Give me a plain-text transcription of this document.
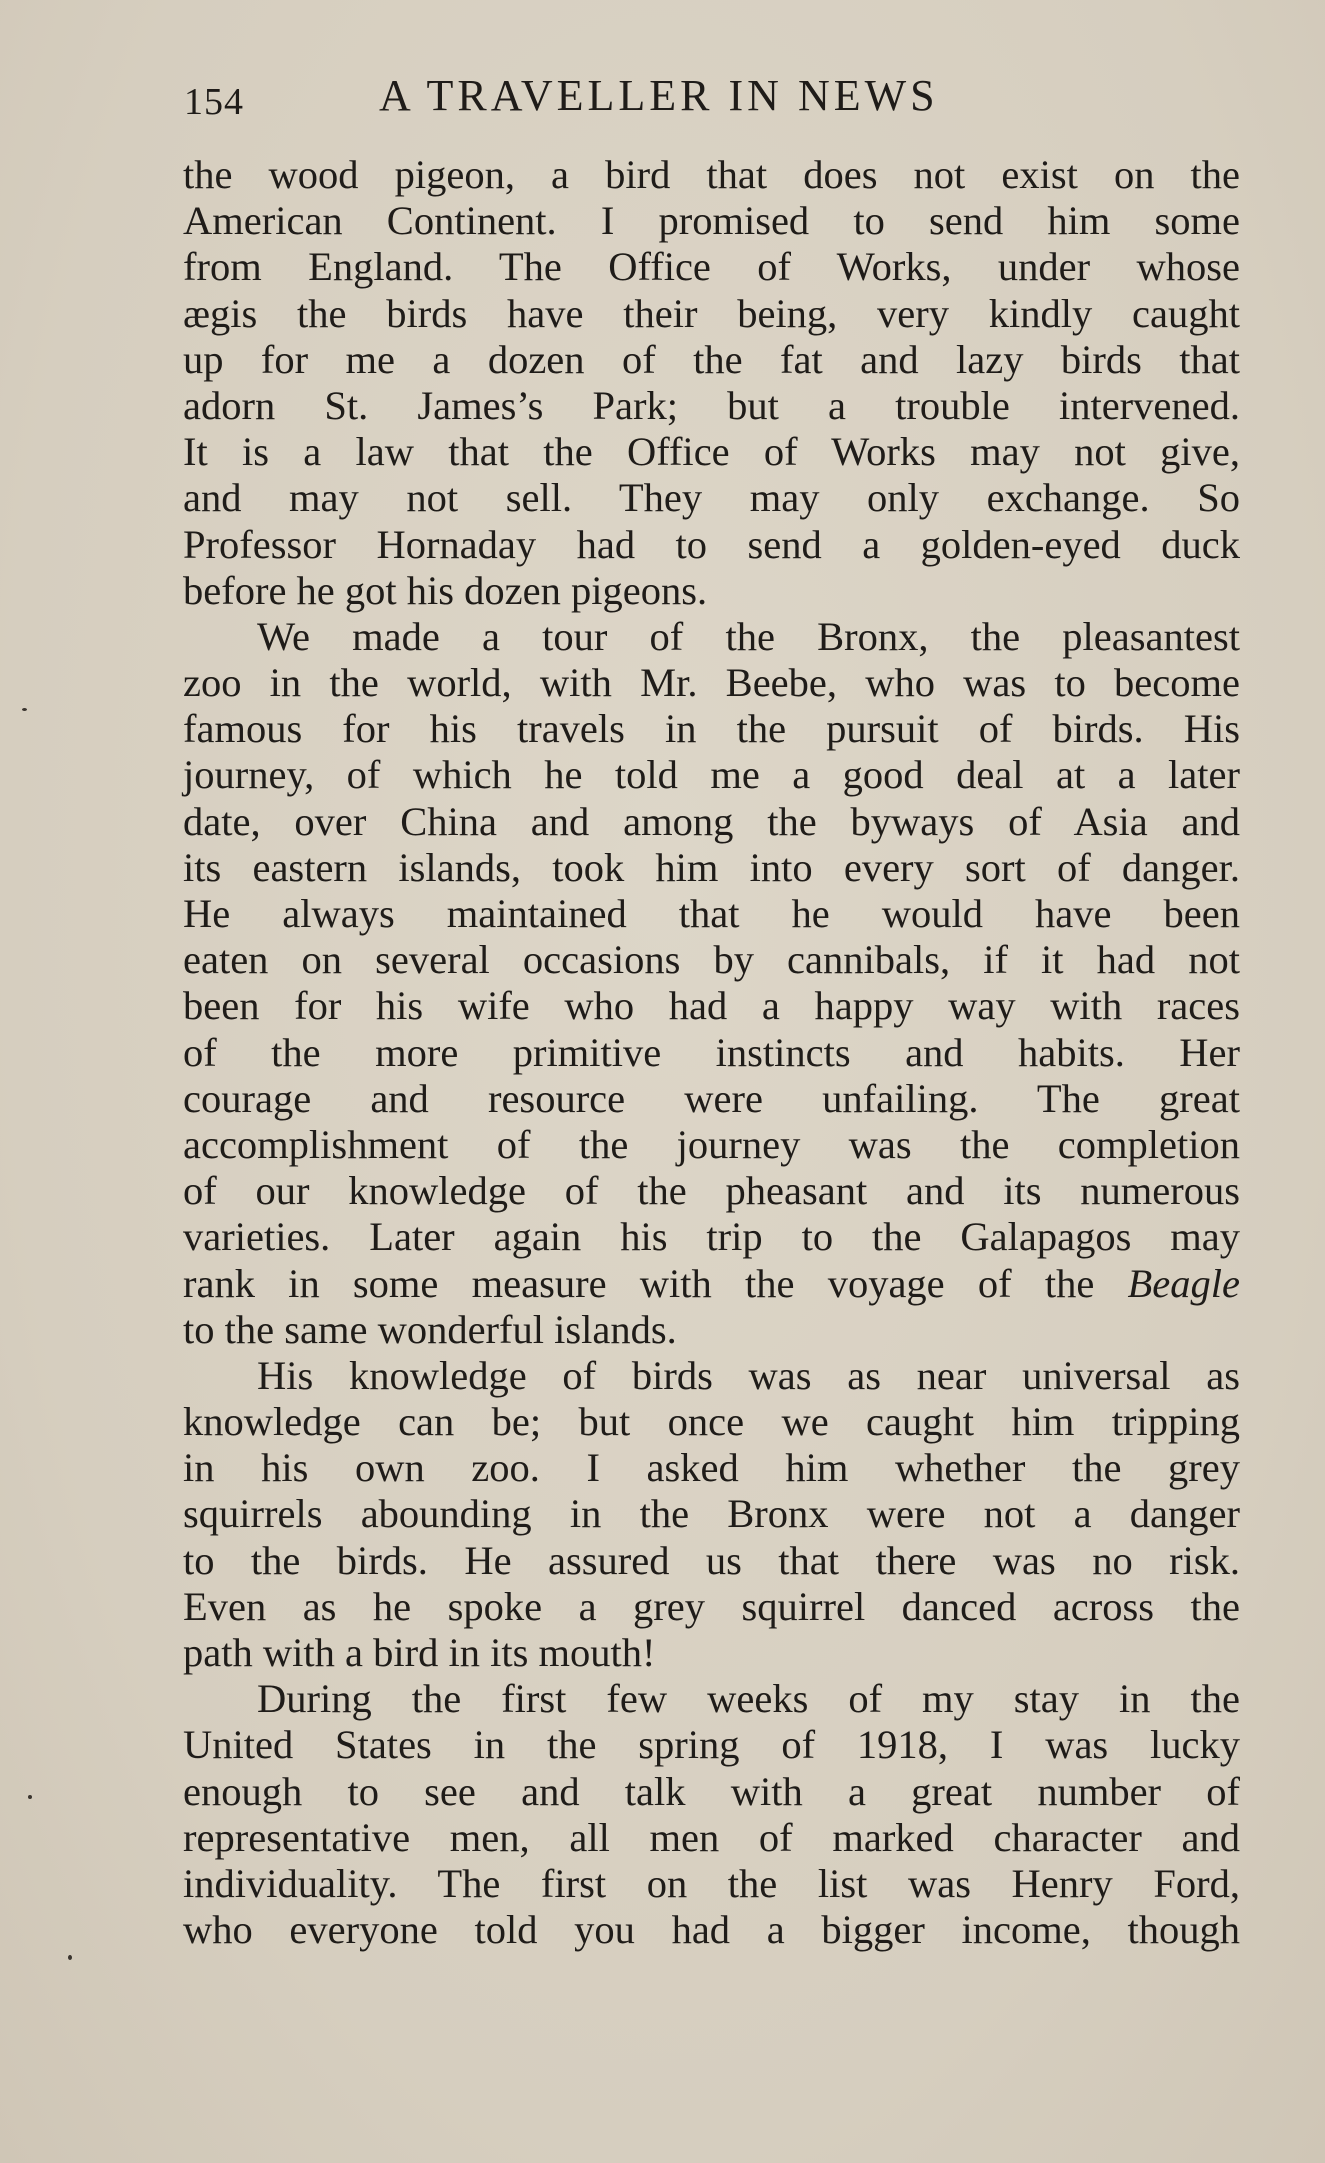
154	A TRAVELLER IN NEWS
the wood pigeon, a bird that does not exist on the
American Continent. I promised to send him some
from England. The Office of Works, under whose
ægis the birds have their being, very kindly caught
up for me a dozen of the fat and lazy birds that
adorn St. James’s Park; but a trouble intervened.
It is a law that the Office of Works may not give,
and may not sell. They may only exchange. So
Professor Hornaday had to send a golden-eyed duck
before he got his dozen pigeons.
We made a tour of the Bronx, the pleasantest
zoo in the world, with Mr. Beebe, who was to become
famous for his travels in the pursuit of birds. His
journey, of which he told me a good deal at a later
date, over China and among the byways of Asia and
its eastern islands, took him into every sort of danger.
He always maintained that he would have been
eaten on several occasions by cannibals, if it had not
been for his wife who had a happy way with races
of the more primitive instincts and habits. Her
courage and resource were unfailing. The great
accomplishment of the journey was the completion
of our knowledge of the pheasant and its numerous
varieties. Later again his trip to the Galapagos may
rank in some measure with the voyage of the Beagle
to the same wonderful islands.
His knowledge of birds was as near universal as
knowledge can be; but once we caught him tripping
in his own zoo. I asked him whether the grey
squirrels abounding in the Bronx were not a danger
to the birds. He assured us that there was no risk.
Even as he spoke a grey squirrel danced across the
path with a bird in its mouth!
During the first few weeks of my stay in the
United States in the spring of 1918, I was lucky
enough to see and talk with a great number of
representative men, all men of marked character and
individuality. The first on the list was Henry Ford,
who everyone told you had a bigger income, though
